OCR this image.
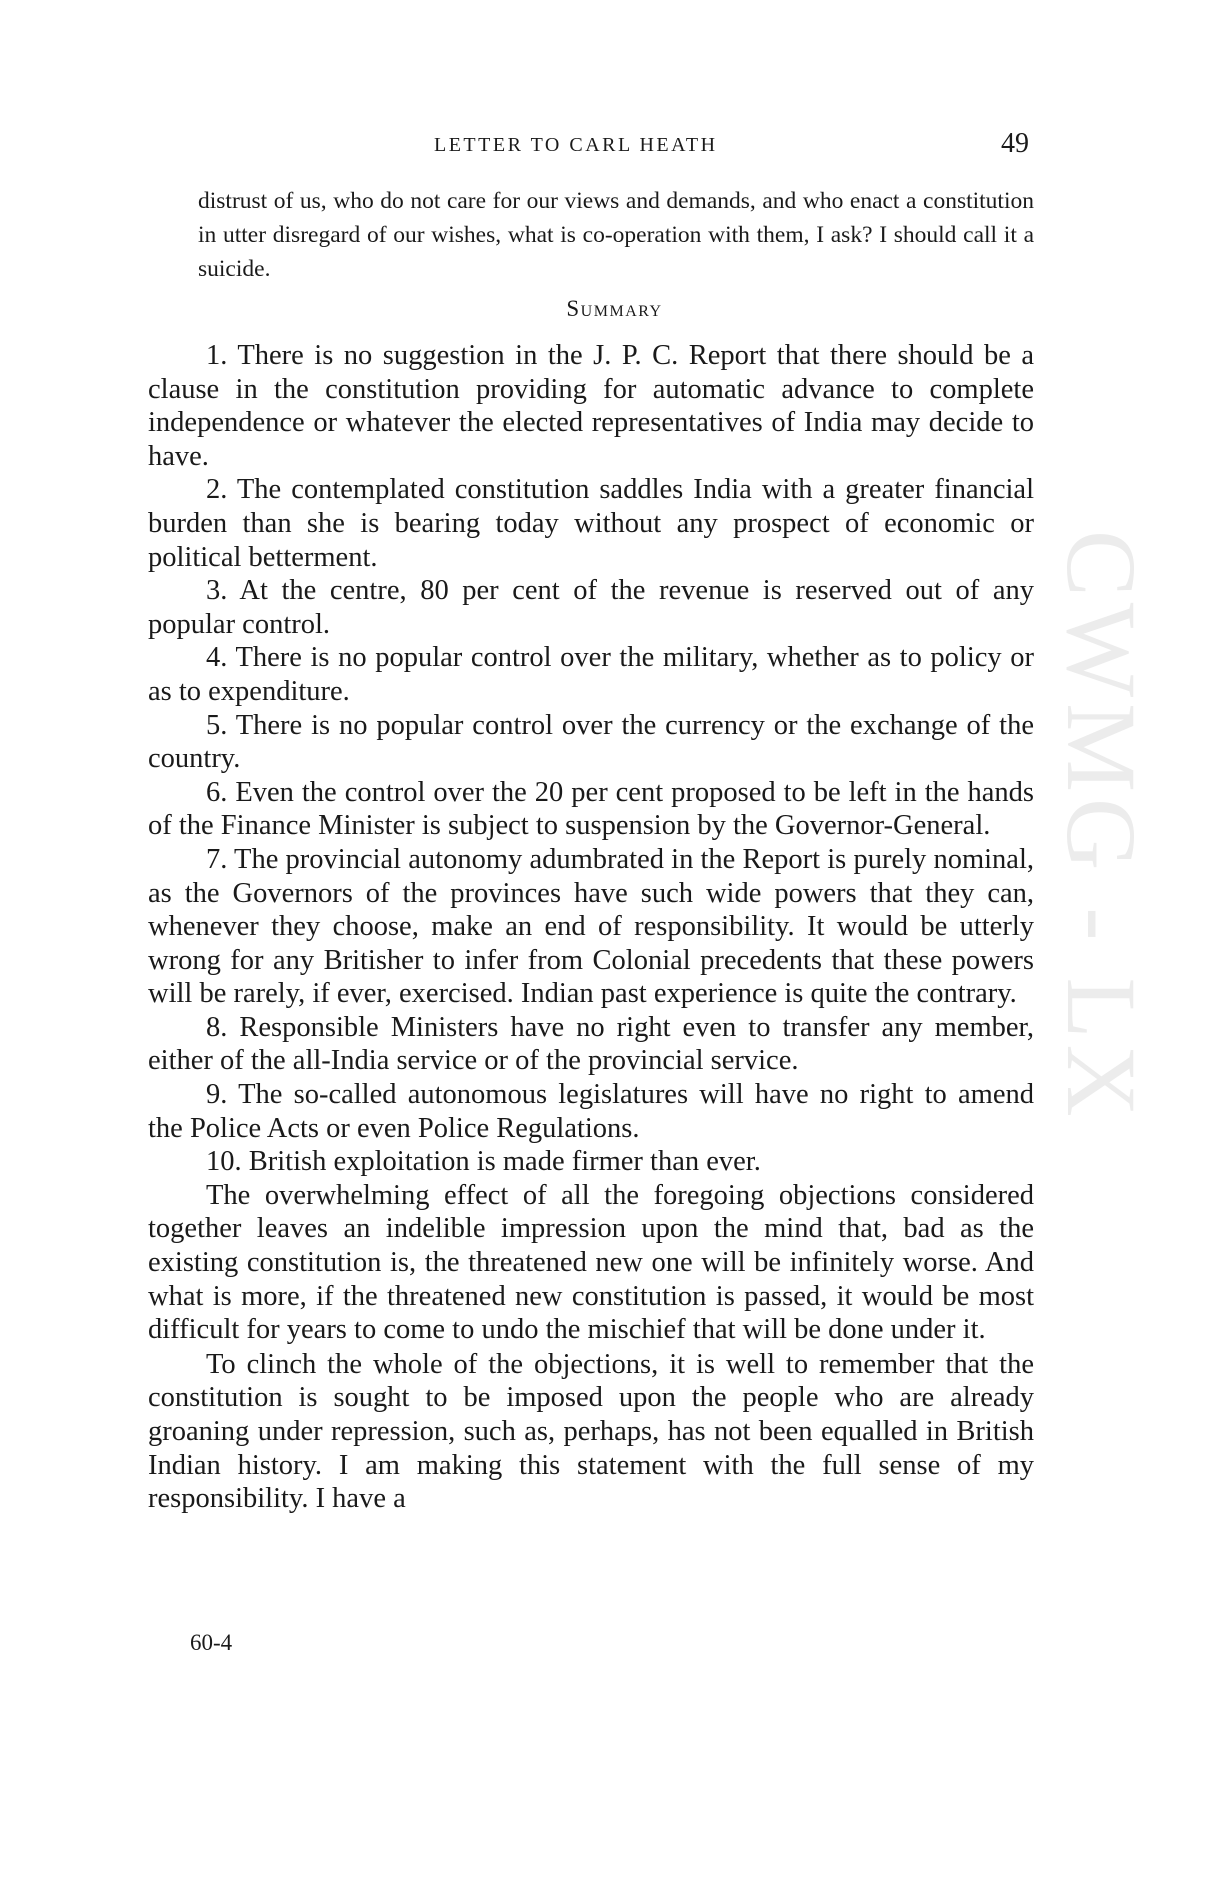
LETTER TO CARL HEATH	49
distrust of us, who do not care for our views and demands, and who enact a constitution in utter disregard of our wishes, what is co-operation with them, I ask? I should call it a suicide.
Summary

1. There is no suggestion in the J. P. C. Report that there should be a clause in the constitution providing for automatic advance to complete independence or whatever the elected representatives of India may decide to have.

2. The contemplated constitution saddles India with a greater financial burden than she is bearing today without any prospect of economic or political betterment.

3. At the centre, 80 per cent of the revenue is reserved out of any popular control.

4. There is no popular control over the military, whether as to policy or as to expenditure.

5. There is no popular control over the currency or the exchange of the country.

6. Even the control over the 20 per cent proposed to be left in the hands of the Finance Minister is subject to suspension by the Governor-General.

7. The provincial autonomy adumbrated in the Report is purely nominal, as the Governors of the provinces have such wide powers that they can, whenever they choose, make an end of responsibility. It would be utterly wrong for any Britisher to infer from Colonial precedents that these powers will be rarely, if ever, exercised. Indian past experience is quite the contrary.

8. Responsible Ministers have no right even to transfer any member, either of the all-India service or of the provincial service.

9. The so-called autonomous legislatures will have no right to amend the Police Acts or even Police Regulations.

10. British exploitation is made firmer than ever.

The overwhelming effect of all the foregoing objections considered together leaves an indelible impression upon the mind that, bad as the existing constitution is, the threatened new one will be infinitely worse. And what is more, if the threatened new constitution is passed, it would be most difficult for years to come to undo the mischief that will be done under it.

To clinch the whole of the objections, it is well to remember that the constitution is sought to be imposed upon the people who are already groaning under repression, such as, perhaps, has not been equalled in British Indian history. I am making this statement with the full sense of my responsibility. I have a

60-4
CWMG - LX
